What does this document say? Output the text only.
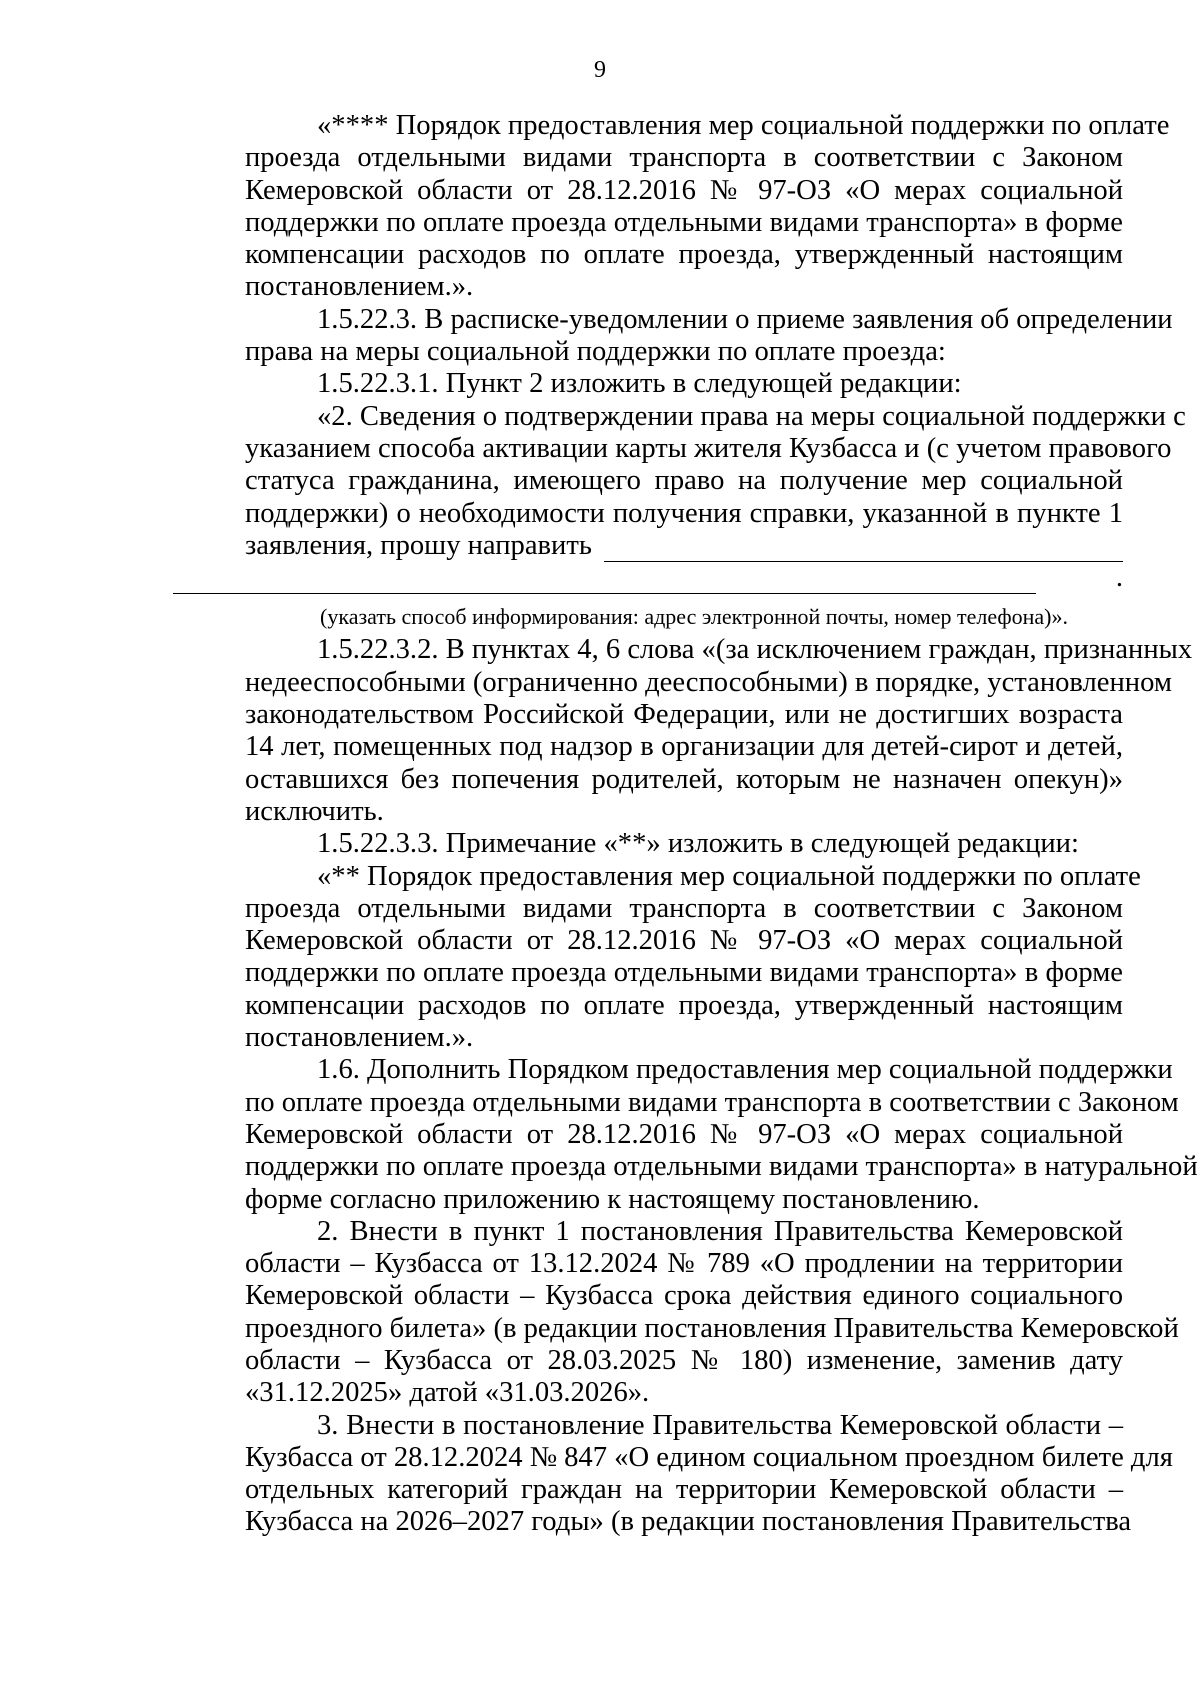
9
«**** Порядок предоставления мер социальной поддержки по оплате
проезда отдельными видами транспорта в соответствии с Законом
Кемеровской области от 28.12.2016 № 97-ОЗ «О мерах социальной
поддержки по оплате проезда отдельными видами транспорта» в форме
компенсации расходов по оплате проезда, утвержденный настоящим
постановлением.».
1.5.22.3. В расписке-уведомлении о приеме заявления об определении
права на меры социальной поддержки по оплате проезда:
1.5.22.3.1. Пункт 2 изложить в следующей редакции:
«2. Сведения о подтверждении права на меры социальной поддержки с
указанием способа активации карты жителя Кузбасса и (с учетом правового
статуса гражданина, имеющего право на получение мер социальной
поддержки) о необходимости получения справки, указанной в пункте 1
заявления, прошу направить
.
(указать способ информирования: адрес электронной почты, номер телефона)».
1.5.22.3.2. В пунктах 4, 6 слова «(за исключением граждан, признанных
недееспособными (ограниченно дееспособными) в порядке, установленном
законодательством Российской Федерации, или не достигших возраста
14 лет, помещенных под надзор в организации для детей-сирот и детей,
оставшихся без попечения родителей, которым не назначен опекун)»
исключить.
1.5.22.3.3. Примечание «**» изложить в следующей редакции:
«** Порядок предоставления мер социальной поддержки по оплате
проезда отдельными видами транспорта в соответствии с Законом
Кемеровской области от 28.12.2016 № 97-ОЗ «О мерах социальной
поддержки по оплате проезда отдельными видами транспорта» в форме
компенсации расходов по оплате проезда, утвержденный настоящим
постановлением.».
1.6. Дополнить Порядком предоставления мер социальной поддержки
по оплате проезда отдельными видами транспорта в соответствии с Законом
Кемеровской области от 28.12.2016 № 97-ОЗ «О мерах социальной
поддержки по оплате проезда отдельными видами транспорта» в натуральной
форме согласно приложению к настоящему постановлению.
2. Внести в пункт 1 постановления Правительства Кемеровской
области – Кузбасса от 13.12.2024 № 789 «О продлении на территории
Кемеровской области – Кузбасса срока действия единого социального
проездного билета» (в редакции постановления Правительства Кемеровской
области – Кузбасса от 28.03.2025 № 180) изменение, заменив дату
«31.12.2025» датой «31.03.2026».
3. Внести в постановление Правительства Кемеровской области –
Кузбасса от 28.12.2024 № 847 «О едином социальном проездном билете для
отдельных категорий граждан на территории Кемеровской области –
Кузбасса на 2026–2027 годы» (в редакции постановления Правительства
